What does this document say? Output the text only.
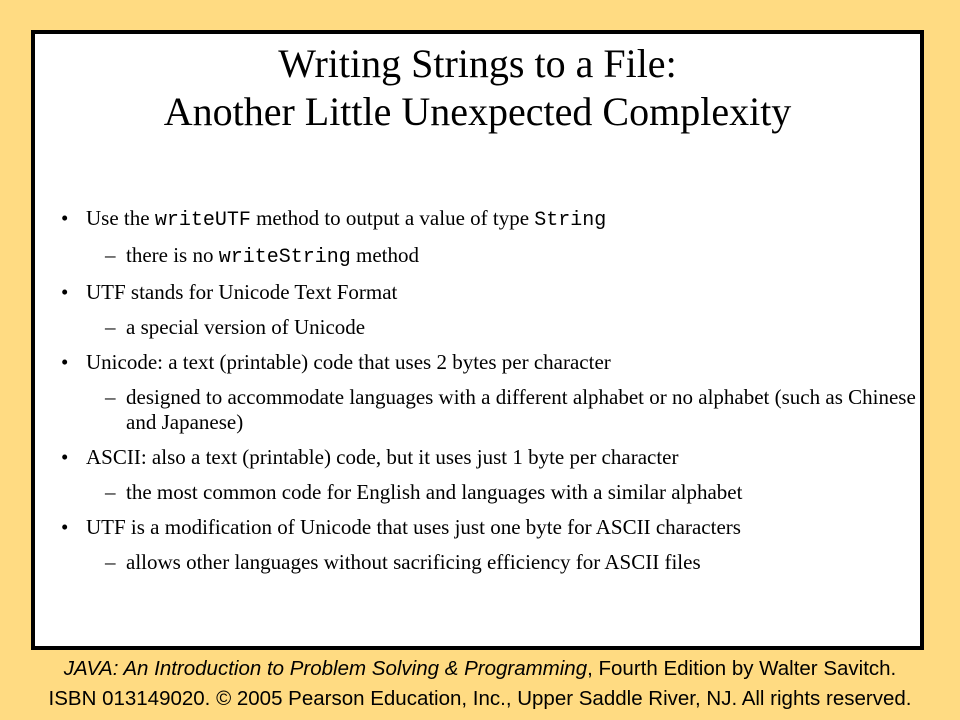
Writing Strings to a File:
Another Little Unexpected Complexity
• Use the writeUTF method to output a value of type String
– there is no writeString method
• UTF stands for Unicode Text Format
– a special version of Unicode
• Unicode: a text (printable) code that uses 2 bytes per character
– designed to accommodate languages with a different alphabet or no alphabet (such as Chinese and Japanese)
• ASCII: also a text (printable) code, but it uses just 1 byte per character
– the most common code for English and languages with a similar alphabet
• UTF is a modification of Unicode that uses just one byte for ASCII characters
– allows other languages without sacrificing efficiency for ASCII files
JAVA: An Introduction to Problem Solving & Programming, Fourth Edition by Walter Savitch.
ISBN 013149020. © 2005 Pearson Education, Inc., Upper Saddle River, NJ. All rights reserved.
